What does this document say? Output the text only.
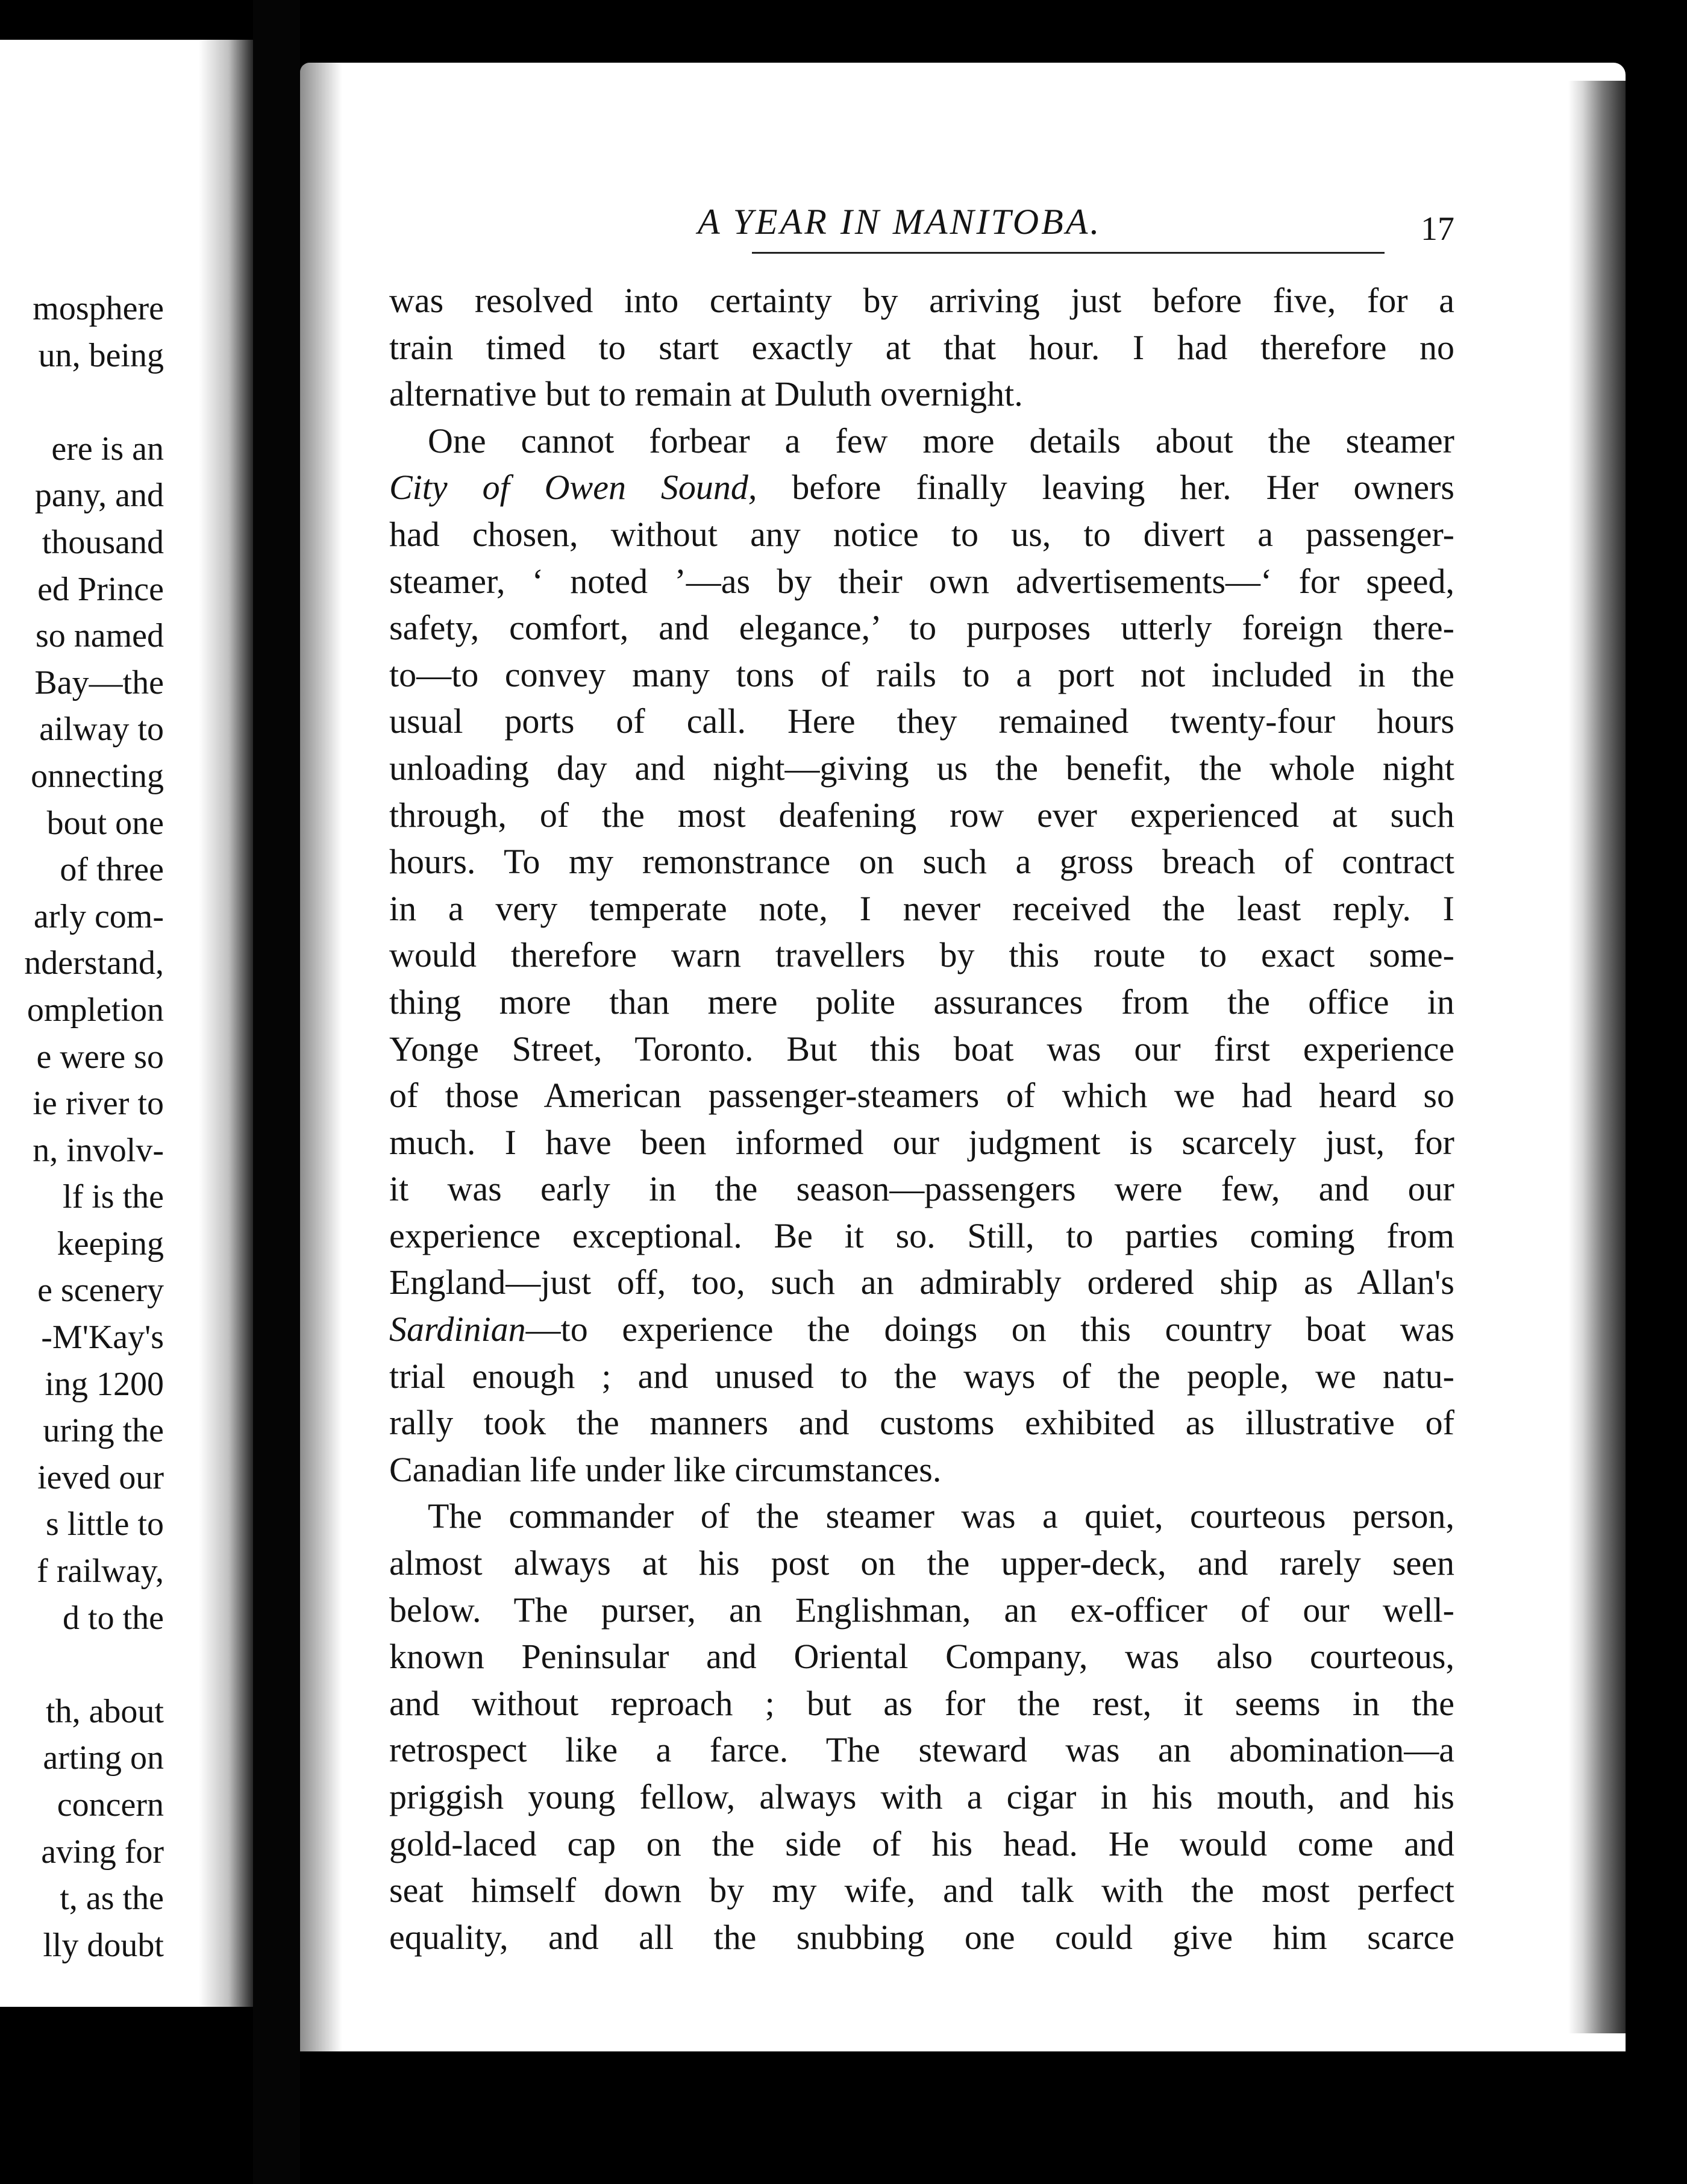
mosphere
un, being
ere is an
pany, and
thousand
ed Prince
so named
Bay—the
ailway to
onnecting
bout one
of three
arly com-
nderstand,
ompletion
e were so
ie river to
n, involv-
lf is the
keeping
e scenery
-M'Kay's
ing 1200
uring the
ieved our
s little to
f railway,
d to the
th, about
arting on
concern
aving for
t, as the
lly doubt
A YEAR IN MANITOBA.	17
was resolved into certainty by arriving just before five, for a
train timed to start exactly at that hour. I had therefore no
alternative but to remain at Duluth overnight.
One cannot forbear a few more details about the steamer
City of Owen Sound, before finally leaving her. Her owners
had chosen, without any notice to us, to divert a passenger-
steamer, ‘ noted ’—as by their own advertisements—‘ for speed,
safety, comfort, and elegance,’ to purposes utterly foreign there-
to—to convey many tons of rails to a port not included in the
usual ports of call. Here they remained twenty-four hours
unloading day and night—giving us the benefit, the whole night
through, of the most deafening row ever experienced at such
hours. To my remonstrance on such a gross breach of contract
in a very temperate note, I never received the least reply. I
would therefore warn travellers by this route to exact some-
thing more than mere polite assurances from the office in
Yonge Street, Toronto. But this boat was our first experience
of those American passenger-steamers of which we had heard so
much. I have been informed our judgment is scarcely just, for
it was early in the season—passengers were few, and our
experience exceptional. Be it so. Still, to parties coming from
England—just off, too, such an admirably ordered ship as Allan's
Sardinian—to experience the doings on this country boat was
trial enough ; and unused to the ways of the people, we natu-
rally took the manners and customs exhibited as illustrative of
Canadian life under like circumstances.
The commander of the steamer was a quiet, courteous person,
almost always at his post on the upper-deck, and rarely seen
below. The purser, an Englishman, an ex-officer of our well-
known Peninsular and Oriental Company, was also courteous,
and without reproach ; but as for the rest, it seems in the
retrospect like a farce. The steward was an abomination—a
priggish young fellow, always with a cigar in his mouth, and his
gold-laced cap on the side of his head. He would come and
seat himself down by my wife, and talk with the most perfect
equality, and all the snubbing one could give him scarce
